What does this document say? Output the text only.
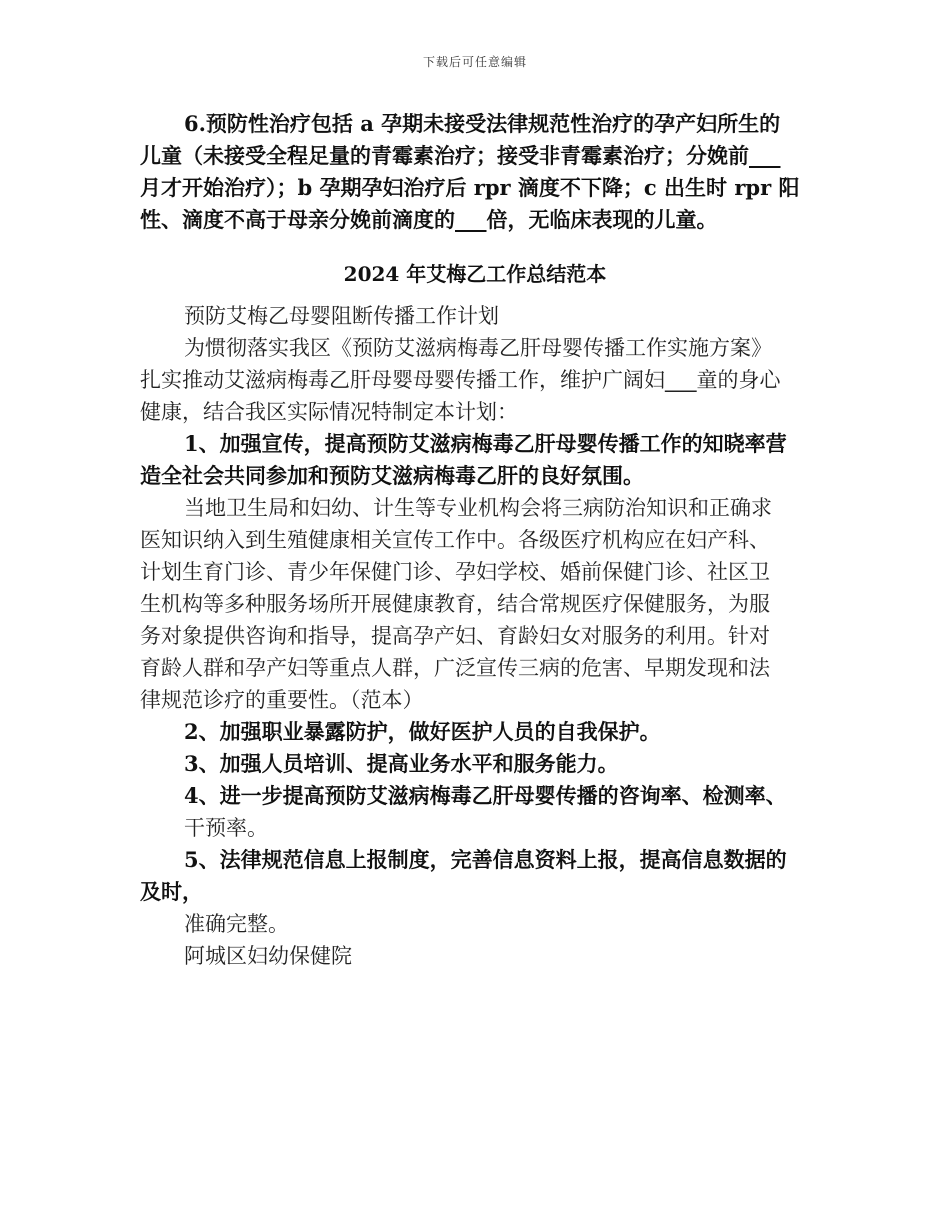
下载后可任意编辑
6.预防性治疗包括 a 孕期未接受法律规范性治疗的孕产妇所生的
儿童（未接受全程足量的青霉素治疗；接受非青霉素治疗；分娩前___
月才开始治疗）；b 孕期孕妇治疗后 rpr 滴度不下降；c 出生时 rpr 阳
性、滴度不高于母亲分娩前滴度的___倍，无临床表现的儿童。
2024 年艾梅乙工作总结范本
预防艾梅乙母婴阻断传播工作计划
为惯彻落实我区《预防艾滋病梅毒乙肝母婴传播工作实施方案》
扎实推动艾滋病梅毒乙肝母婴母婴传播工作，维护广阔妇___童的身心
健康，结合我区实际情况特制定本计划：
1、加强宣传，提高预防艾滋病梅毒乙肝母婴传播工作的知晓率营
造全社会共同参加和预防艾滋病梅毒乙肝的良好氛围。
当地卫生局和妇幼、计生等专业机构会将三病防治知识和正确求
医知识纳入到生殖健康相关宣传工作中。各级医疗机构应在妇产科、
计划生育门诊、青少年保健门诊、孕妇学校、婚前保健门诊、社区卫
生机构等多种服务场所开展健康教育，结合常规医疗保健服务，为服
务对象提供咨询和指导，提高孕产妇、育龄妇女对服务的利用。针对
育龄人群和孕产妇等重点人群，广泛宣传三病的危害、早期发现和法
律规范诊疗的重要性。（范本）
2、加强职业暴露防护，做好医护人员的自我保护。
3、加强人员培训、提高业务水平和服务能力。
4、进一步提高预防艾滋病梅毒乙肝母婴传播的咨询率、检测率、
干预率。
5、法律规范信息上报制度，完善信息资料上报，提高信息数据的
及时，
准确完整。
阿城区妇幼保健院
